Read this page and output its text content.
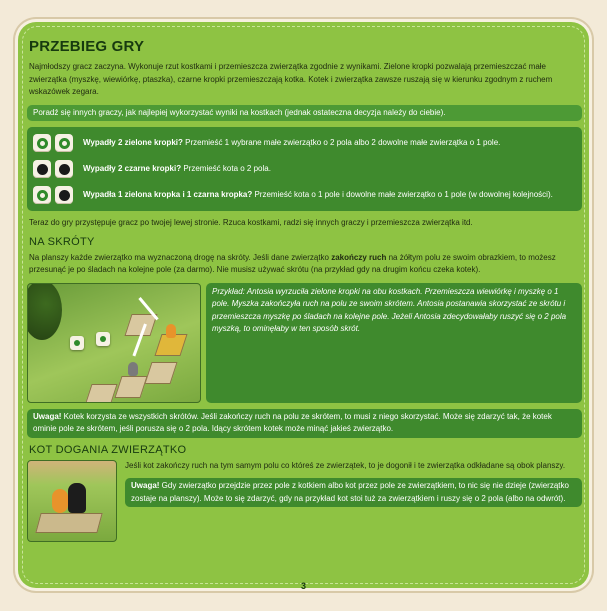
PRZEBIEG GRY

Najmłodszy gracz zaczyna. Wykonuje rzut kostkami i przemieszcza zwierzątka zgodnie z wynikami. Zielone kropki pozwalają przemieszczać małe zwierzątka (myszkę, wiewiórkę, ptaszka), czarne kropki przemieszczają kotka. Kotek i zwierzątka zawsze ruszają się w kierunku zgodnym z ruchem wskazówek zegara.

Poradź się innych graczy, jak najlepiej wykorzystać wyniki na kostkach (jednak ostateczna decyzja należy do ciebie).
Wypadły 2 zielone kropki? Przemieść 1 wybrane małe zwierzątko o 2 pola albo 2 dowolne małe zwierzątka o 1 pole.
Wypadły 2 czarne kropki? Przemieść kota o 2 pola.
Wypadła 1 zielona kropka i 1 czarna kropka? Przemieść kota o 1 pole i dowolne małe zwierzątko o 1 pole (w dowolnej kolejności).

Teraz do gry przystępuje gracz po twojej lewej stronie. Rzuca kostkami, radzi się innych graczy i przemieszcza zwierzątka itd.

NA SKRÓTY

Na planszy każde zwierzątko ma wyznaczoną drogę na skróty. Jeśli dane zwierzątko zakończy ruch na żółtym polu ze swoim obrazkiem, to możesz przesunąć je po śladach na kolejne pole (za darmo). Nie musisz używać skrótu (na przykład gdy na drugim końcu czeka kotek).

Przykład: Antosia wyrzuciła zielone kropki na obu kostkach. Przemieszcza wiewiórkę i myszkę o 1 pole. Myszka zakończyła ruch na polu ze swoim skrótem. Antosia postanawia skorzystać ze skrótu i przemieszcza myszkę po śladach na kolejne pole. Jeżeli Antosia zdecydowałaby ruszyć się o 2 pola myszką, to ominęłaby w ten sposób skrót.
Uwaga! Kotek korzysta ze wszystkich skrótów. Jeśli zakończy ruch na polu ze skrótem, to musi z niego skorzystać. Może się zdarzyć tak, że kotek ominie pole ze skrótem, jeśli porusza się o 2 pola. Idący skrótem kotek może minąć jakieś zwierzątko.
KOT DOGANIA ZWIERZĄTKO

Jeśli kot zakończy ruch na tym samym polu co któreś ze zwierzątek, to je dogonił i te zwierzątka odkładane są obok planszy.

Uwaga! Gdy zwierzątko przejdzie przez pole z kotkiem albo kot przez pole ze zwierzątkiem, to nic się nie dzieje (zwierzątko zostaje na planszy). Może to się zdarzyć, gdy na przykład kot stoi tuż za zwierzątkiem i ruszy się o 2 pola (albo na odwrót).
3
